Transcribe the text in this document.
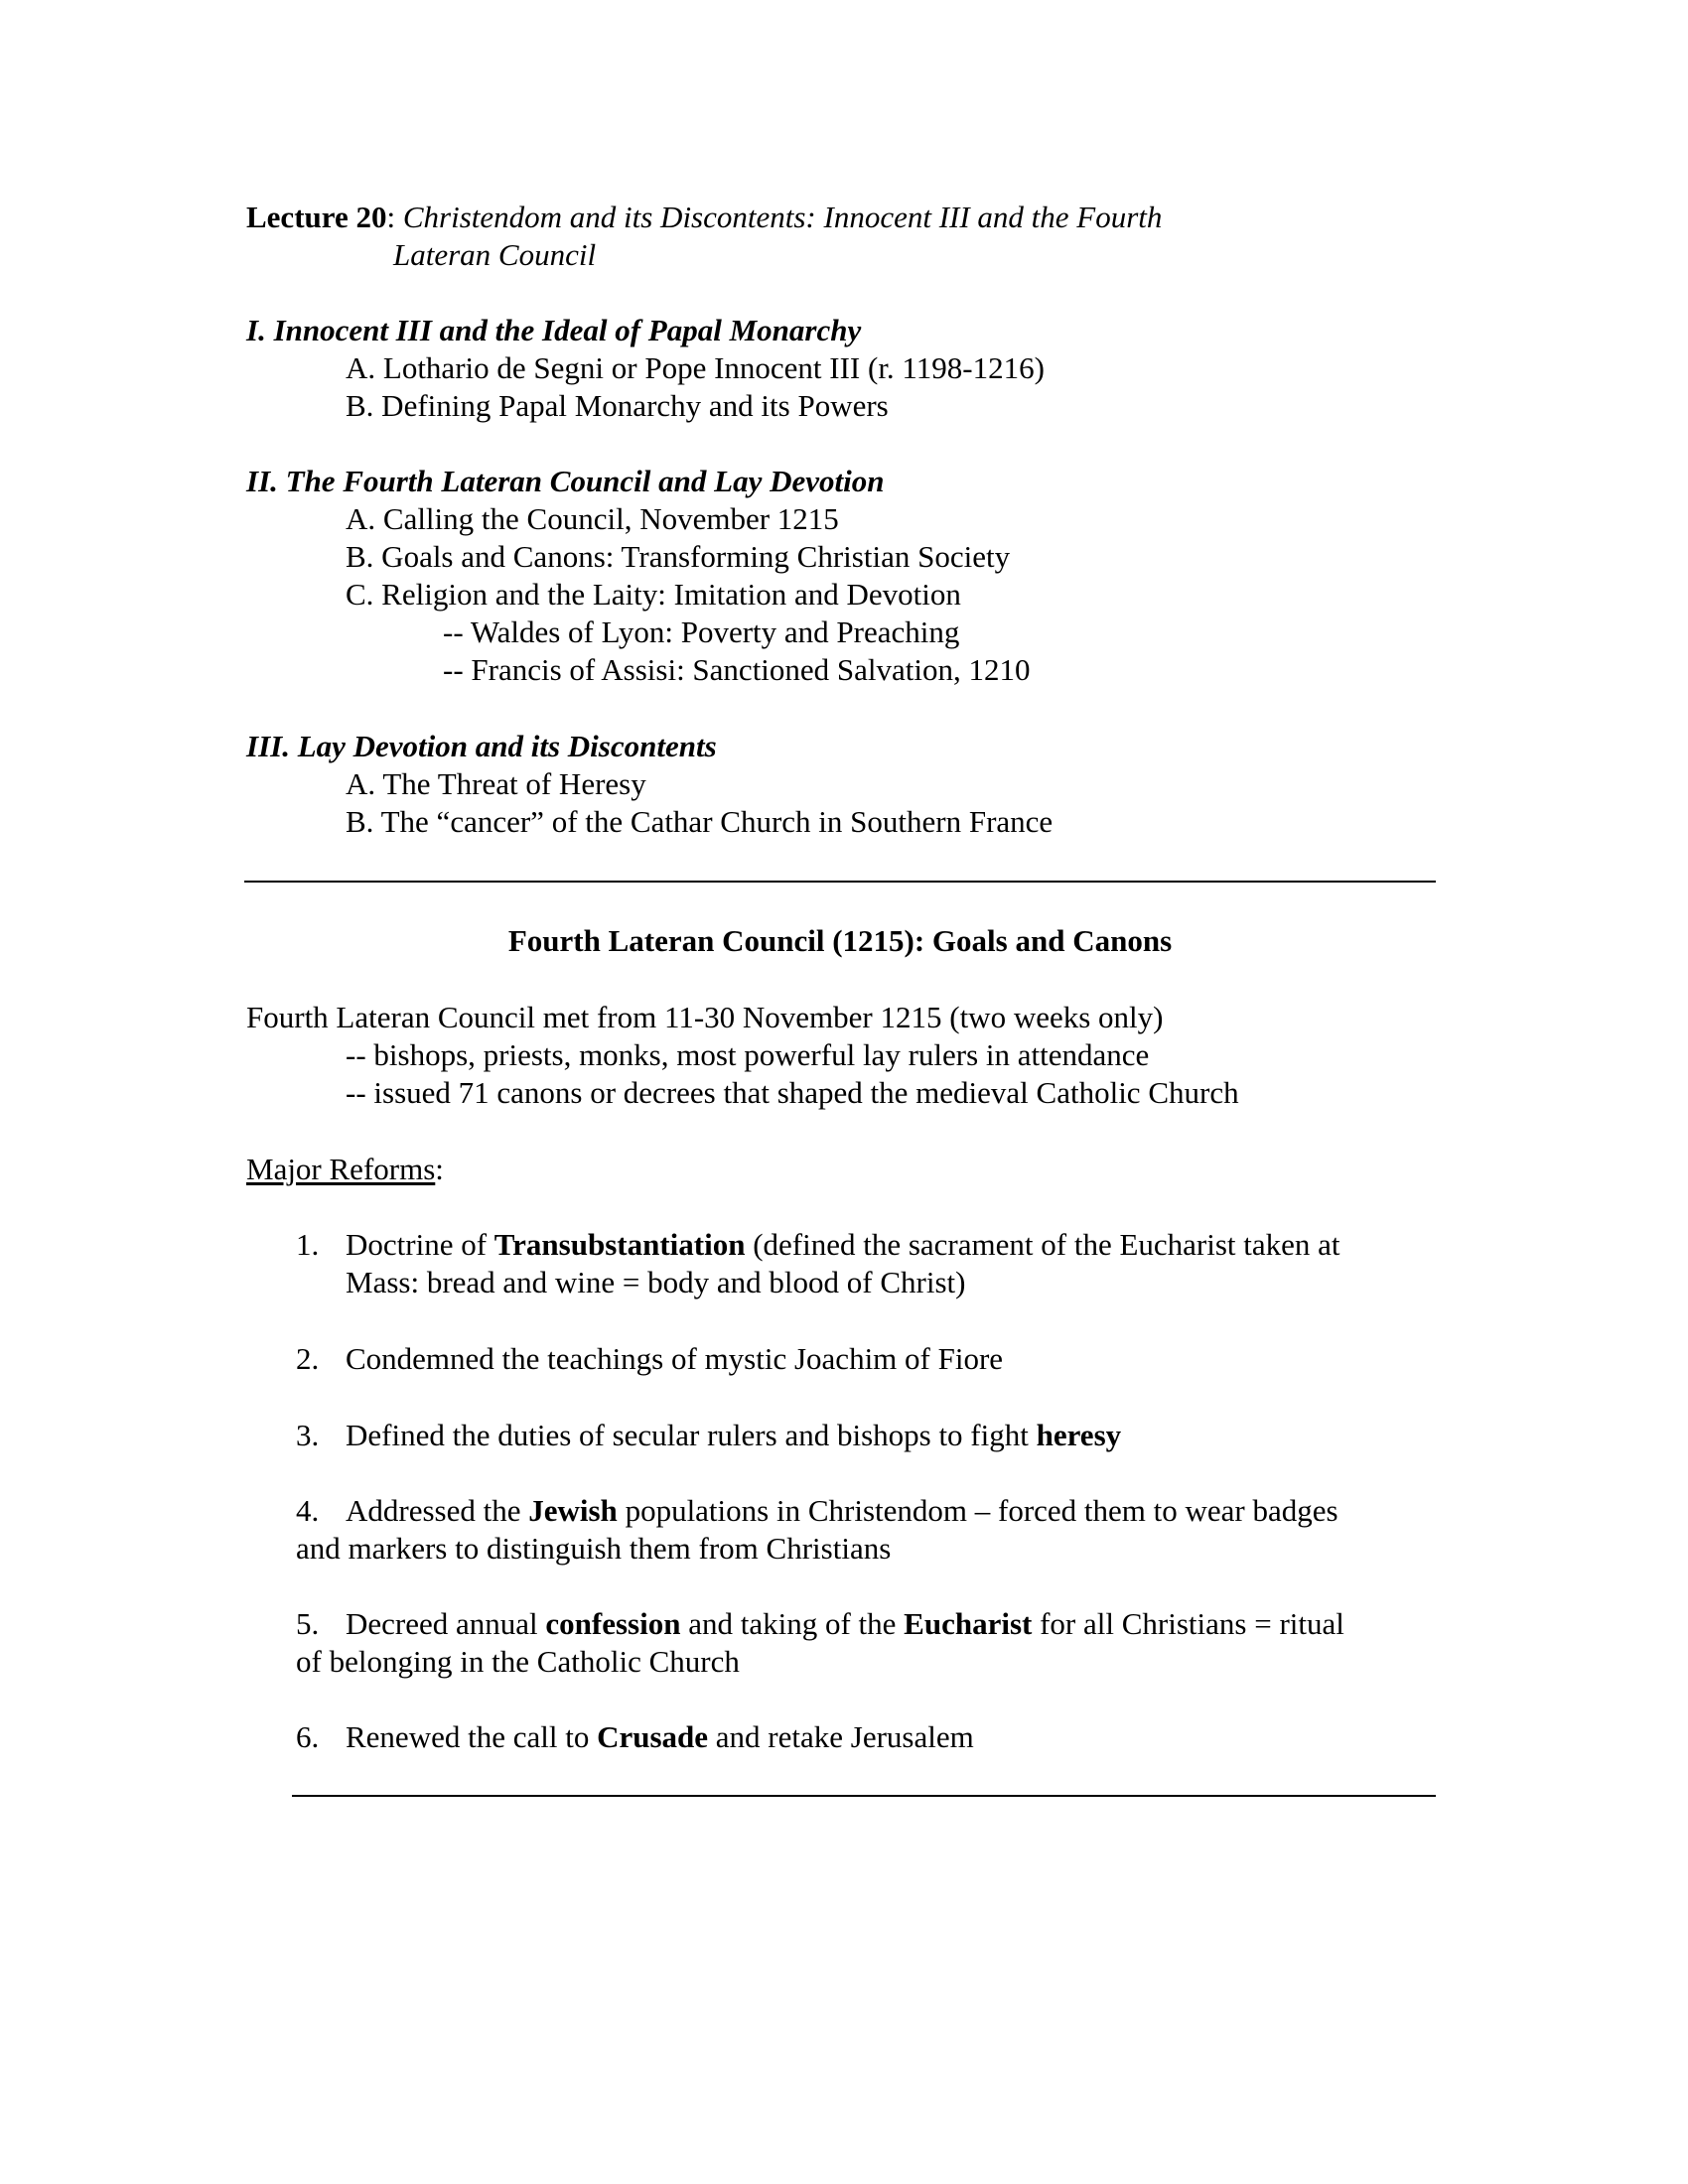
Lecture 20: Christendom and its Discontents: Innocent III and the Fourth
Lateran Council
I. Innocent III and the Ideal of Papal Monarchy
A. Lothario de Segni or Pope Innocent III (r. 1198-1216)
B. Defining Papal Monarchy and its Powers
II. The Fourth Lateran Council and Lay Devotion
A. Calling the Council, November 1215
B. Goals and Canons: Transforming Christian Society
C. Religion and the Laity: Imitation and Devotion
-- Waldes of Lyon: Poverty and Preaching
-- Francis of Assisi: Sanctioned Salvation, 1210
III. Lay Devotion and its Discontents
A. The Threat of Heresy
B. The “cancer” of the Cathar Church in Southern France
Fourth Lateran Council (1215): Goals and Canons
Fourth Lateran Council met from 11-30 November 1215 (two weeks only)
-- bishops, priests, monks, most powerful lay rulers in attendance
-- issued 71 canons or decrees that shaped the medieval Catholic Church
Major Reforms:
1. Doctrine of Transubstantiation (defined the sacrament of the Eucharist taken at
Mass: bread and wine = body and blood of Christ)
2. Condemned the teachings of mystic Joachim of Fiore
3. Defined the duties of secular rulers and bishops to fight heresy
4. Addressed the Jewish populations in Christendom – forced them to wear badges
and markers to distinguish them from Christians
5. Decreed annual confession and taking of the Eucharist for all Christians = ritual
of belonging in the Catholic Church
6. Renewed the call to Crusade and retake Jerusalem
